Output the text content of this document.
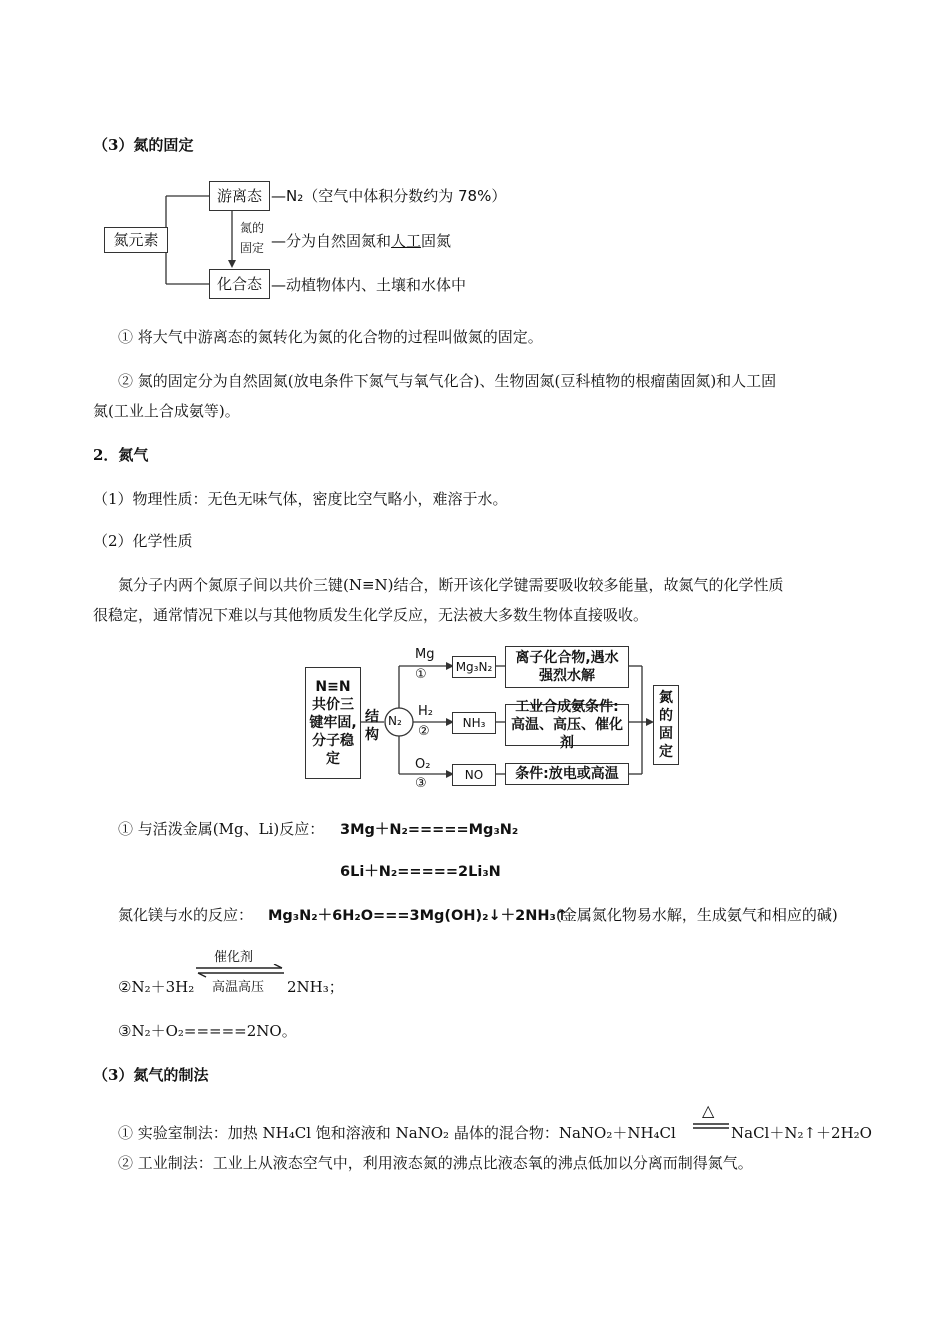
（3）氮的固定
氮元素
游离态 —N₂（空气中体积分数约为 78%）
氮的
固定 —分为自然固氮和人工固氮
化合态 —动植物体内、土壤和水体中
① 将大气中游离态的氮转化为氮的化合物的过程叫做氮的固定。
② 氮的固定分为自然固氮(放电条件下氮气与氧气化合)、生物固氮(豆科植物的根瘤菌固氮)和人工固
氮(工业上合成氨等)。
2．氮气
（1）物理性质：无色无味气体，密度比空气略小，难溶于水。
（2）化学性质
氮分子内两个氮原子间以共价三键(N≡N)结合，断开该化学键需要吸收较多能量，故氮气的化学性质
很稳定，通常情况下难以与其他物质发生化学反应，无法被大多数生物体直接吸收。
N≡N
共价三
键牢固,
分子稳
定
结
构
N₂
Mg
①
H₂
②
O₂
③
Mg₃N₂
NH₃
NO
离子化合物,遇水
强烈水解
工业合成氨条件:
高温、高压、催化剂
条件:放电或高温
氮
的
固
定
① 与活泼金属(Mg、Li)反应： 3Mg＋N₂=====Mg₃N₂
6Li＋N₂=====2Li₃N
氮化镁与水的反应： Mg₃N₂＋6H₂O===3Mg(OH)₂↓＋2NH₃↑
(金属氮化物易水解，生成氨气和相应的碱)
催化剂
高温高压
②N₂＋3H₂	2NH₃；
③N₂＋O₂=====2NO。
（3）氮气的制法
① 实验室制法：加热 NH₄Cl 饱和溶液和 NaNO₂ 晶体的混合物：NaNO₂＋NH₄Cl
△
NaCl＋N₂↑＋2H₂O
② 工业制法：工业上从液态空气中，利用液态氮的沸点比液态氧的沸点低加以分离而制得氮气。
